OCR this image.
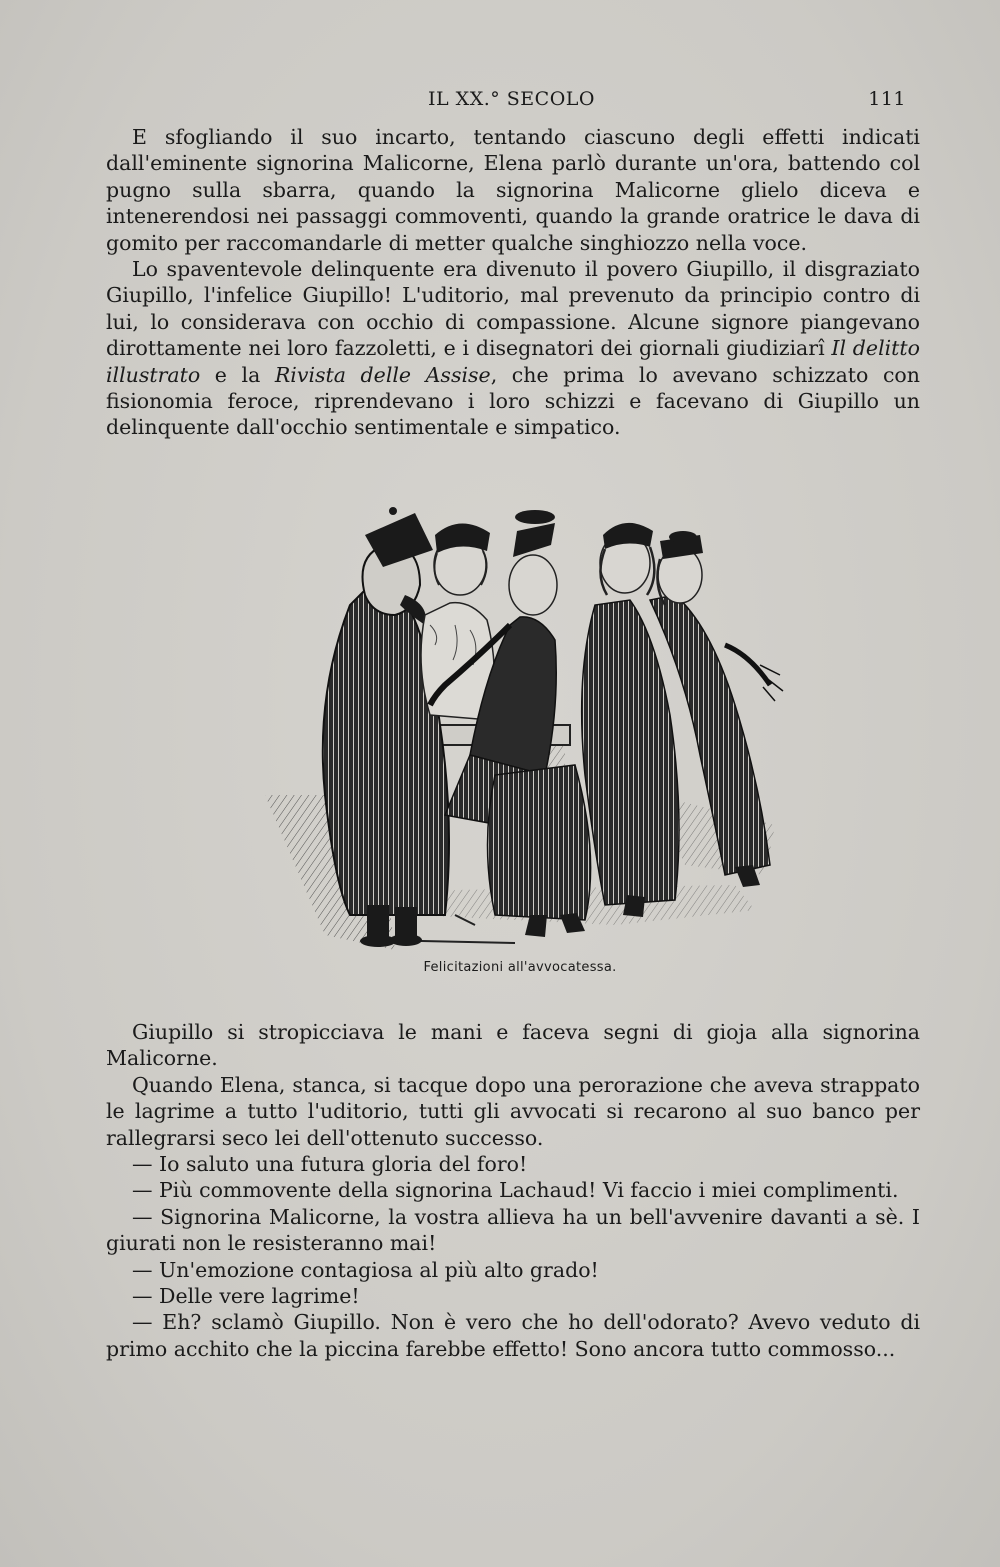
IL XX.° SECOLO	111

E sfogliando il suo incarto, tentando ciascuno degli effetti indicati dall'eminente signorina Malicorne, Elena parlò durante un'ora, battendo col pugno sulla sbarra, quando la signorina Malicorne glielo diceva e intenerendosi nei passaggi commoventi, quando la grande oratrice le dava di gomito per raccomandarle di metter qualche singhiozzo nella voce.

Lo spaventevole delinquente era divenuto il povero Giupillo, il disgraziato Giupillo, l'infelice Giupillo! L'uditorio, mal prevenuto da principio contro di lui, lo considerava con occhio di compassione. Alcune signore piangevano dirottamente nei loro fazzoletti, e i disegnatori dei giornali giudiziarî Il delitto illustrato e la Rivista delle Assise, che prima lo avevano schizzato con fisionomia feroce, riprendevano i loro schizzi e facevano di Giupillo un delinquente dall'occhio sentimentale e simpatico.

Felicitazioni all'avvocatessa.

Giupillo si stropicciava le mani e faceva segni di gioja alla signorina Malicorne.

Quando Elena, stanca, si tacque dopo una perorazione che aveva strappato le lagrime a tutto l'uditorio, tutti gli avvocati si recarono al suo banco per rallegrarsi seco lei dell'ottenuto successo.

— Io saluto una futura gloria del foro!

— Più commovente della signorina Lachaud! Vi faccio i miei complimenti.

— Signorina Malicorne, la vostra allieva ha un bell'avvenire davanti a sè. I giurati non le resisteranno mai!

— Un'emozione contagiosa al più alto grado!

— Delle vere lagrime!

— Eh? sclamò Giupillo. Non è vero che ho dell'odorato? Avevo veduto di primo acchito che la piccina farebbe effetto! Sono ancora tutto commosso...
